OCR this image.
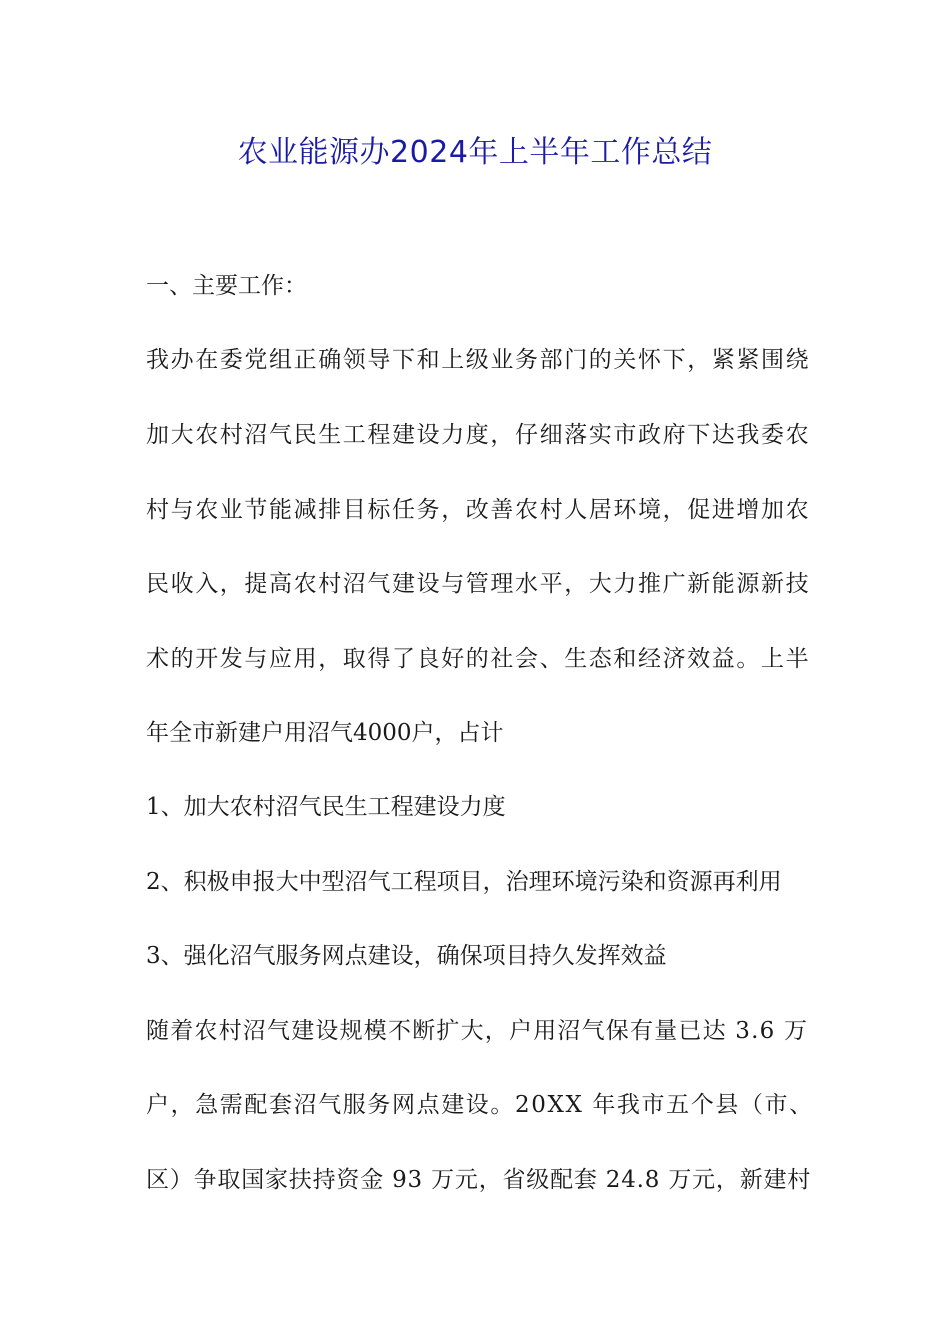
农业能源办2024年上半年工作总结
一、主要工作：
我办在委党组正确领导下和上级业务部门的关怀下，紧紧围绕
加大农村沼气民生工程建设力度，仔细落实市政府下达我委农
村与农业节能减排目标任务，改善农村人居环境，促进增加农
民收入，提高农村沼气建设与管理水平，大力推广新能源新技
术的开发与应用，取得了良好的社会、生态和经济效益。上半
年全市新建户用沼气4000户，占计
1、加大农村沼气民生工程建设力度
2、积极申报大中型沼气工程项目，治理环境污染和资源再利用
3、强化沼气服务网点建设，确保项目持久发挥效益
随着农村沼气建设规模不断扩大，户用沼气保有量已达 3.6 万
户，急需配套沼气服务网点建设。20XX 年我市五个县（市、
区）争取国家扶持资金 93 万元，省级配套 24.8 万元，新建村
